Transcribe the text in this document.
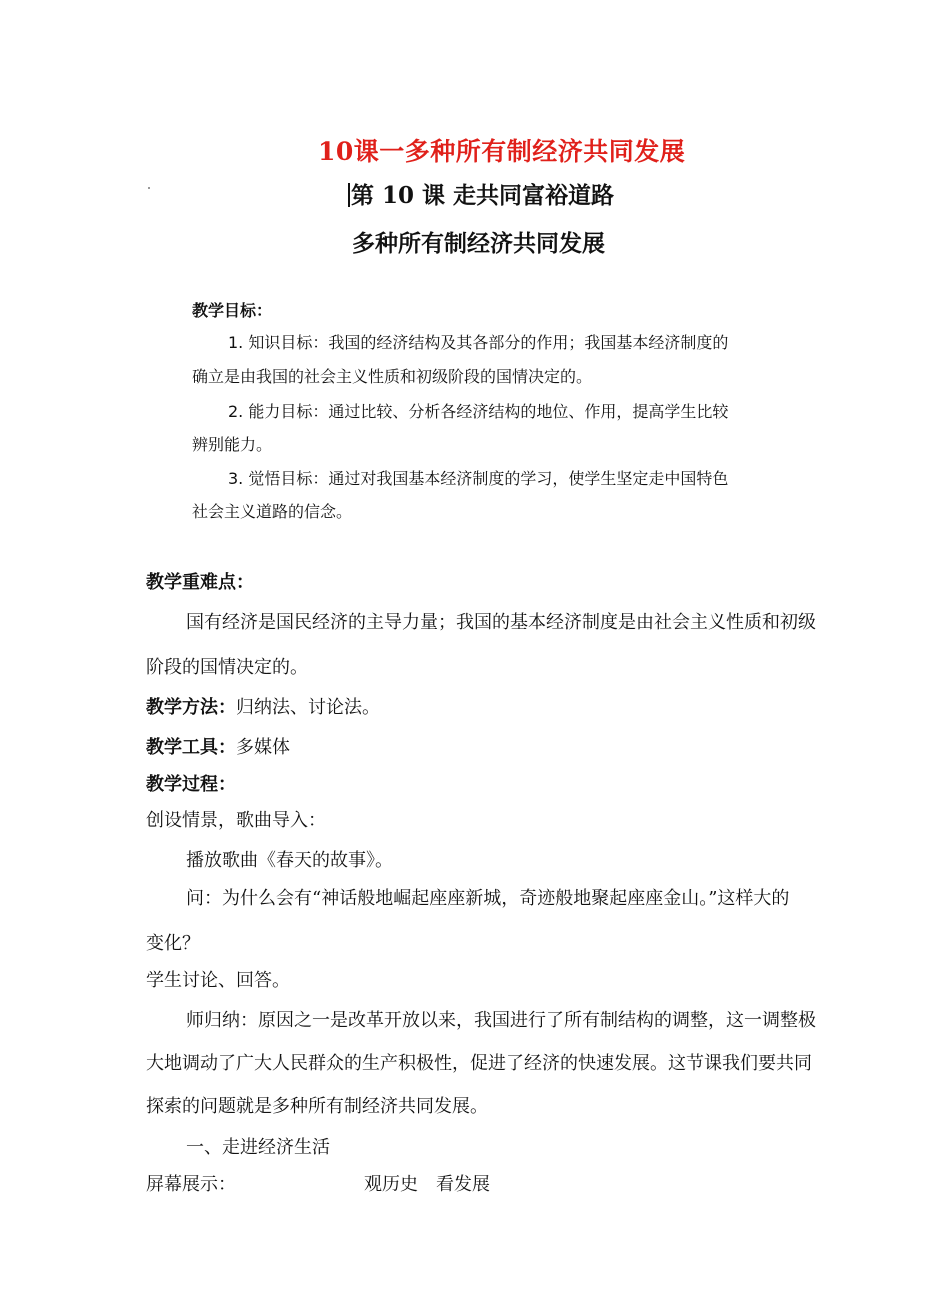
10课一多种所有制经济共同发展
第 10 课 走共同富裕道路
多种所有制经济共同发展
教学目标：
1. 知识目标：我国的经济结构及其各部分的作用；我国基本经济制度的
确立是由我国的社会主义性质和初级阶段的国情决定的。
2. 能力目标：通过比较、分析各经济结构的地位、作用，提高学生比较
辨别能力。
3. 觉悟目标：通过对我国基本经济制度的学习，使学生坚定走中国特色
社会主义道路的信念。
教学重难点：
国有经济是国民经济的主导力量；我国的基本经济制度是由社会主义性质和初级
阶段的国情决定的。
教学方法：归纳法、讨论法。
教学工具：多媒体
教学过程：
创设情景，歌曲导入：
播放歌曲《春天的故事》。
问：为什么会有“神话般地崛起座座新城，奇迹般地聚起座座金山。”这样大的
变化？
学生讨论、回答。
师归纳：原因之一是改革开放以来，我国进行了所有制结构的调整，这一调整极
大地调动了广大人民群众的生产积极性，促进了经济的快速发展。这节课我们要共同
探索的问题就是多种所有制经济共同发展。
一、走进经济生活
屏幕展示：	观历史　看发展
